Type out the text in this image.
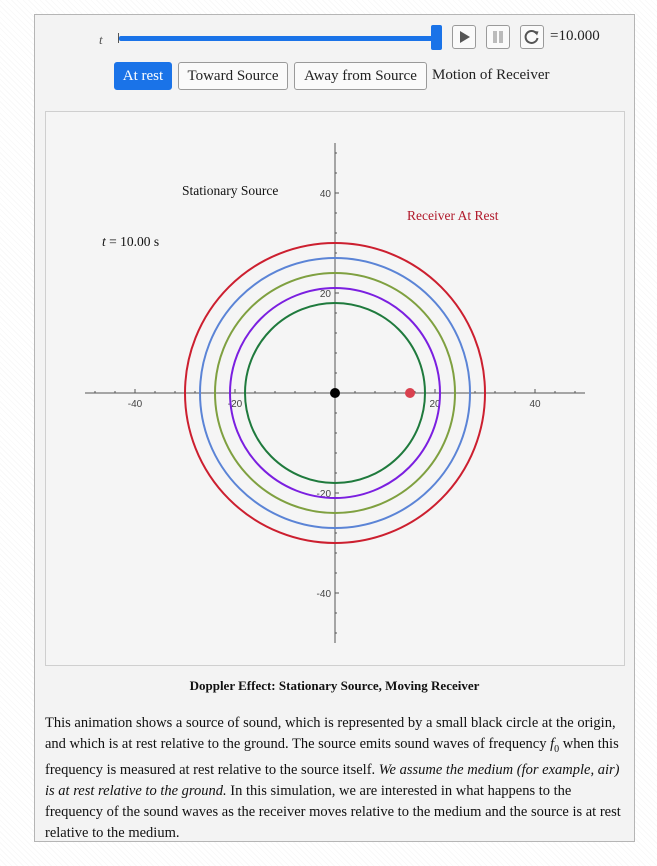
t	=10.000
At rest	Toward Source	Away from Source	Motion of Receiver
-40	-20	20	40
40
20
-20
-40
Stationary Source
Receiver At Rest
t = 10.00 s
Doppler Effect: Stationary Source, Moving Receiver

This animation shows a source of sound, which is represented by a small black circle at the origin, and which is at rest relative to the ground. The source emits sound waves of frequency $f_0$ when this frequency is measured at rest relative to the source itself. We assume the medium (for example, air) is at rest relative to the ground. In this simulation, we are interested in what happens to the frequency of the sound waves as the receiver moves relative to the medium and the source is at rest relative to the medium.
